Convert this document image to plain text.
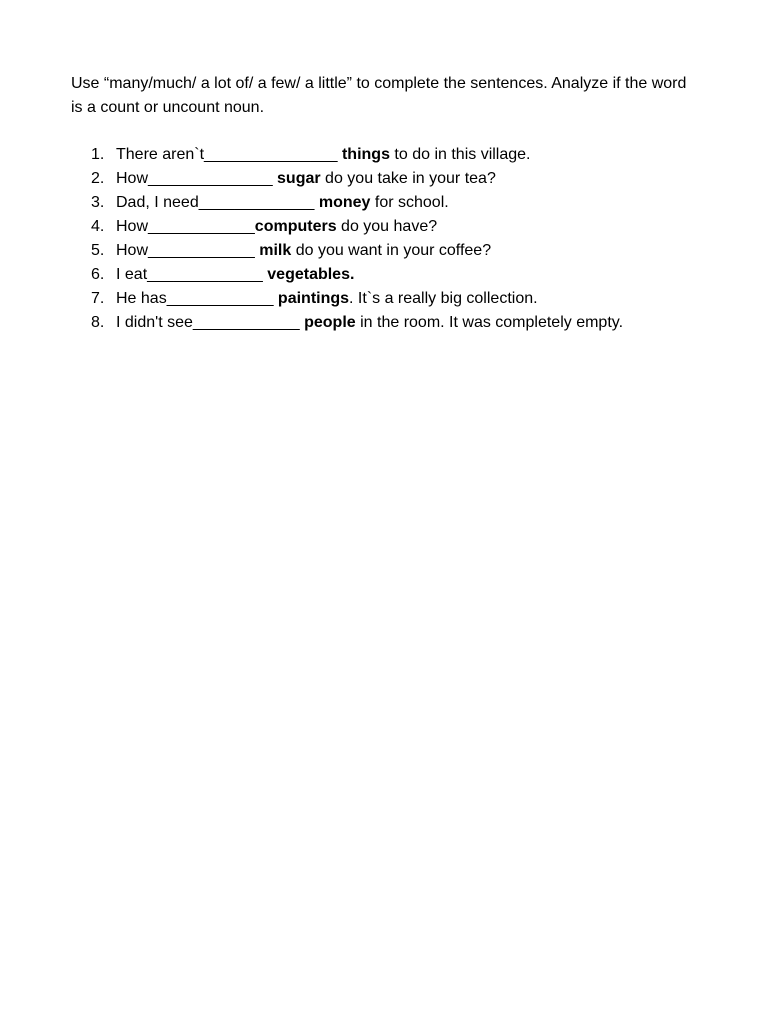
Use “many/much/ a lot of/ a few/ a little” to complete the sentences. Analyze if the word is a count or uncount noun.

1. There aren`t_______________ things to do in this village.
2. How______________ sugar do you take in your tea?
3. Dad, I need_____________ money for school.
4. How____________computers do you have?
5. How____________ milk do you want in your coffee?
6. I eat_____________ vegetables.
7. He has____________ paintings. It`s a really big collection.
8. I didn't see____________ people in the room. It was completely empty.
